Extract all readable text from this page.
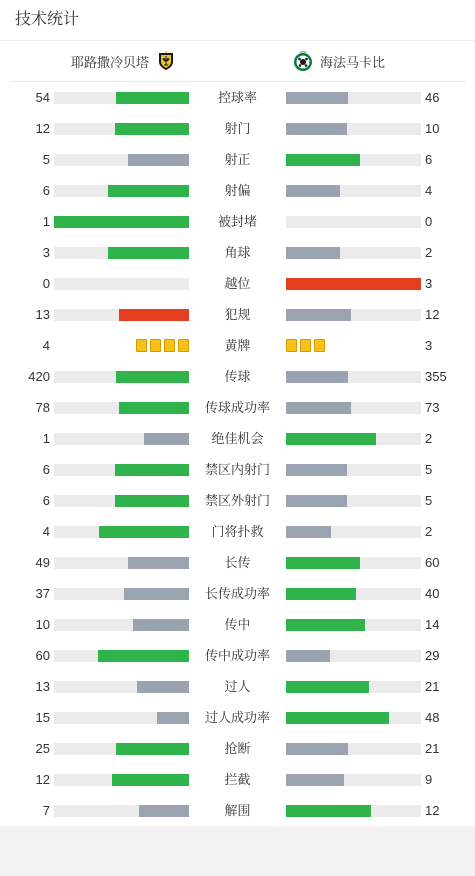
技术统计
耶路撒冷贝塔	海法马卡比
54	控球率	46
12	射门	10
5	射正	6
6	射偏	4
1	被封堵	0
3	角球	2
0	越位	3
13	犯规	12
4	黄牌	3
420	传球	355
78	传球成功率	73
1	绝佳机会	2
6	禁区内射门	5
6	禁区外射门	5
4	门将扑救	2
49	长传	60
37	长传成功率	40
10	传中	14
60	传中成功率	29
13	过人	21
15	过人成功率	48
25	抢断	21
12	拦截	9
7	解围	12
